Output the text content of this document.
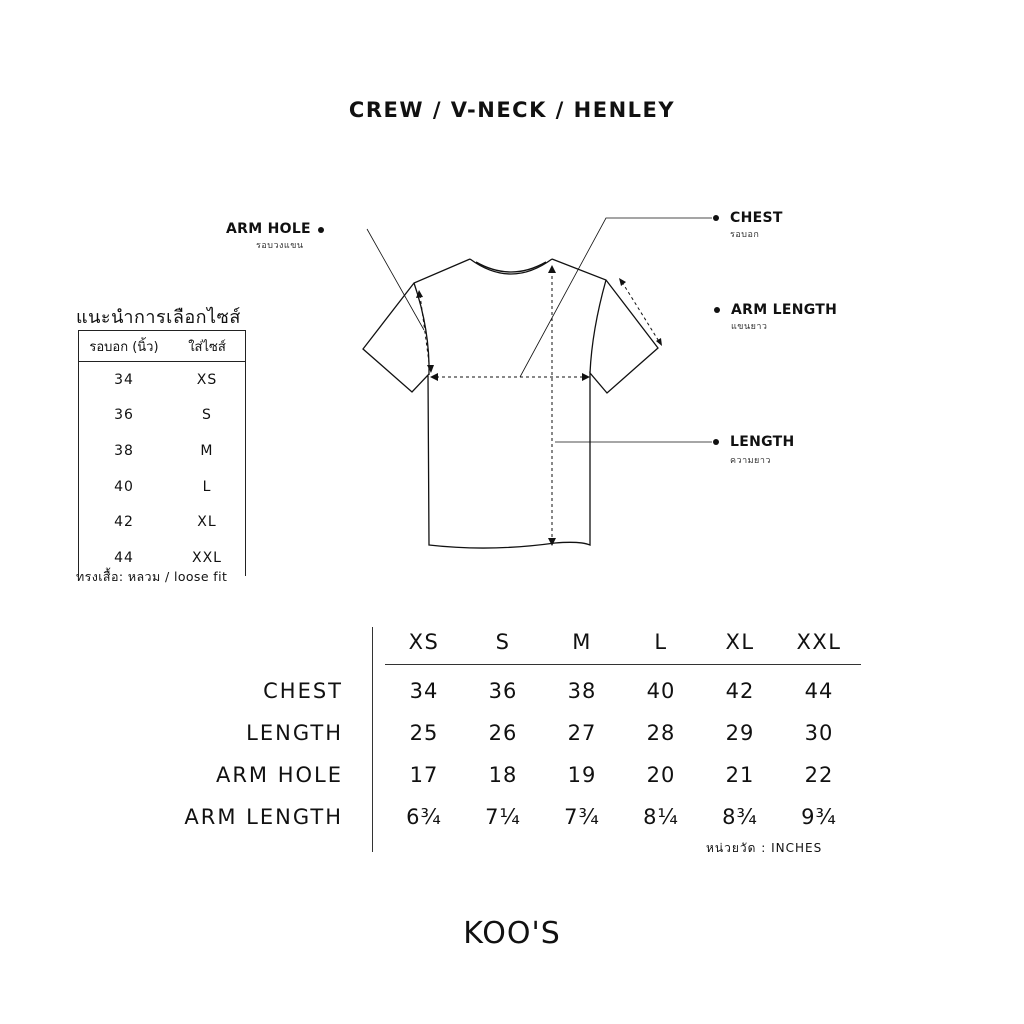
CREW / V-NECK / HENLEY
ARM HOLE
รอบวงแขน
CHEST
รอบอก
ARM LENGTH
แขนยาว
LENGTH
ความยาว
แนะนำการเลือกไซส์
รอบอก (นิ้ว)	ใส่ไซส์
34	XS
36	S
38	M
40	L
42	XL
44	XXL
ทรงเสื้อ: หลวม / loose fit
XS	S	M	L	XL	XXL
CHEST	34	36	38	40	42	44
LENGTH	25	26	27	28	29	30
ARM HOLE	17	18	19	20	21	22
ARM LENGTH	6¾	7¼	7¾	8¼	8¾	9¾
หน่วยวัด : INCHES
KOO'S
